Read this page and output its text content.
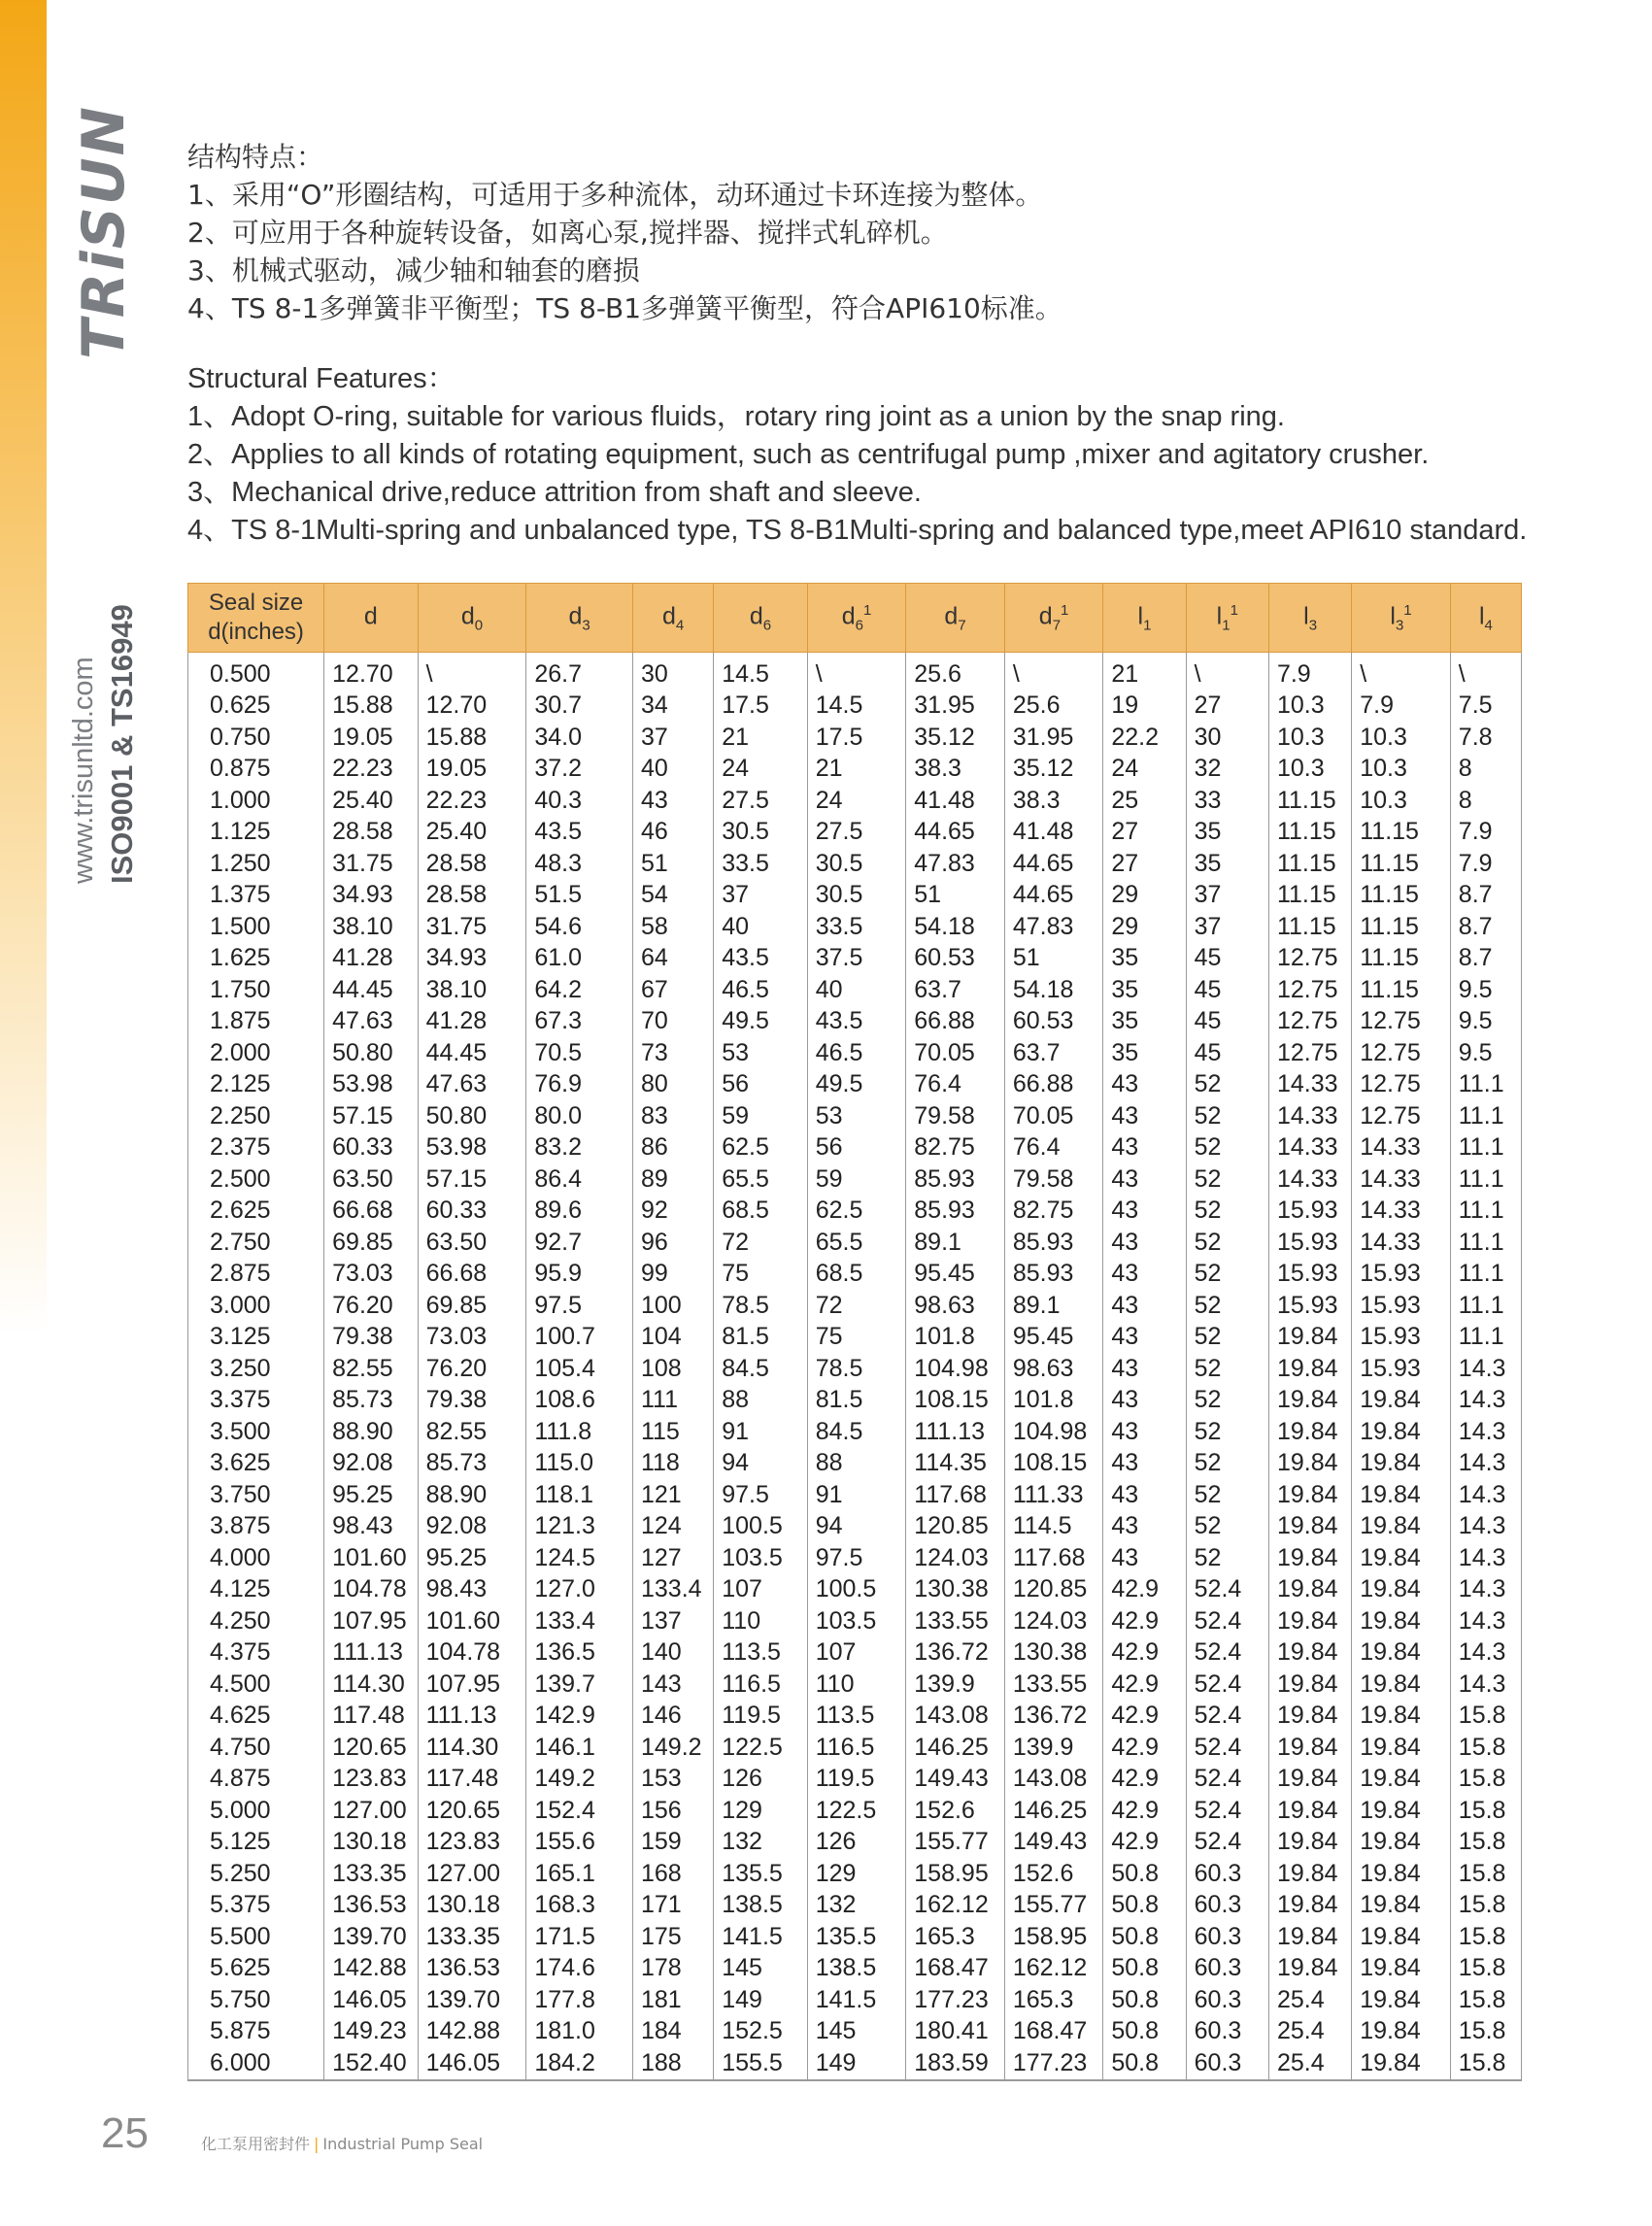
TRiSUN
www.trisunltd.com ISO9001 & TS16949
结构特点：
1、采用“O”形圈结构，可适用于多种流体，动环通过卡环连接为整体。
2、可应用于各种旋转设备，如离心泵,搅拌器、搅拌式轧碎机。
3、机械式驱动，减少轴和轴套的磨损
4、TS 8-1多弹簧非平衡型；TS 8-B1多弹簧平衡型，符合API610标准。
Structural Features：
1、Adopt O-ring, suitable for various fluids，rotary ring joint as a union by the snap ring.
2、Applies to all kinds of rotating equipment, such as centrifugal pump ,mixer and agitatory crusher.
3、Mechanical drive,reduce attrition from shaft and sleeve.
4、TS 8-1Multi-spring and unbalanced type, TS 8-B1Multi-spring and balanced type,meet API610 standard.
Seal size
d(inches)	d	$d_0$	$d_3$	$d_4$	$d_6$	$d_6^1$	$d_7$	$d_7^1$	$l_1$	$l_1^1$	$l_3$	$l_3^1$	$l_4$
0.500	12.70	\	26.7	30	14.5	\	25.6	\	21	\	7.9	\	\
0.625	15.88	12.70	30.7	34	17.5	14.5	31.95	25.6	19	27	10.3	7.9	7.5
0.750	19.05	15.88	34.0	37	21	17.5	35.12	31.95	22.2	30	10.3	10.3	7.8
0.875	22.23	19.05	37.2	40	24	21	38.3	35.12	24	32	10.3	10.3	8
1.000	25.40	22.23	40.3	43	27.5	24	41.48	38.3	25	33	11.15	10.3	8
1.125	28.58	25.40	43.5	46	30.5	27.5	44.65	41.48	27	35	11.15	11.15	7.9
1.250	31.75	28.58	48.3	51	33.5	30.5	47.83	44.65	27	35	11.15	11.15	7.9
1.375	34.93	28.58	51.5	54	37	30.5	51	44.65	29	37	11.15	11.15	8.7
1.500	38.10	31.75	54.6	58	40	33.5	54.18	47.83	29	37	11.15	11.15	8.7
1.625	41.28	34.93	61.0	64	43.5	37.5	60.53	51	35	45	12.75	11.15	8.7
1.750	44.45	38.10	64.2	67	46.5	40	63.7	54.18	35	45	12.75	11.15	9.5
1.875	47.63	41.28	67.3	70	49.5	43.5	66.88	60.53	35	45	12.75	12.75	9.5
2.000	50.80	44.45	70.5	73	53	46.5	70.05	63.7	35	45	12.75	12.75	9.5
2.125	53.98	47.63	76.9	80	56	49.5	76.4	66.88	43	52	14.33	12.75	11.1
2.250	57.15	50.80	80.0	83	59	53	79.58	70.05	43	52	14.33	12.75	11.1
2.375	60.33	53.98	83.2	86	62.5	56	82.75	76.4	43	52	14.33	14.33	11.1
2.500	63.50	57.15	86.4	89	65.5	59	85.93	79.58	43	52	14.33	14.33	11.1
2.625	66.68	60.33	89.6	92	68.5	62.5	85.93	82.75	43	52	15.93	14.33	11.1
2.750	69.85	63.50	92.7	96	72	65.5	89.1	85.93	43	52	15.93	14.33	11.1
2.875	73.03	66.68	95.9	99	75	68.5	95.45	85.93	43	52	15.93	15.93	11.1
3.000	76.20	69.85	97.5	100	78.5	72	98.63	89.1	43	52	15.93	15.93	11.1
3.125	79.38	73.03	100.7	104	81.5	75	101.8	95.45	43	52	19.84	15.93	11.1
3.250	82.55	76.20	105.4	108	84.5	78.5	104.98	98.63	43	52	19.84	15.93	14.3
3.375	85.73	79.38	108.6	111	88	81.5	108.15	101.8	43	52	19.84	19.84	14.3
3.500	88.90	82.55	111.8	115	91	84.5	111.13	104.98	43	52	19.84	19.84	14.3
3.625	92.08	85.73	115.0	118	94	88	114.35	108.15	43	52	19.84	19.84	14.3
3.750	95.25	88.90	118.1	121	97.5	91	117.68	111.33	43	52	19.84	19.84	14.3
3.875	98.43	92.08	121.3	124	100.5	94	120.85	114.5	43	52	19.84	19.84	14.3
4.000	101.60	95.25	124.5	127	103.5	97.5	124.03	117.68	43	52	19.84	19.84	14.3
4.125	104.78	98.43	127.0	133.4	107	100.5	130.38	120.85	42.9	52.4	19.84	19.84	14.3
4.250	107.95	101.60	133.4	137	110	103.5	133.55	124.03	42.9	52.4	19.84	19.84	14.3
4.375	111.13	104.78	136.5	140	113.5	107	136.72	130.38	42.9	52.4	19.84	19.84	14.3
4.500	114.30	107.95	139.7	143	116.5	110	139.9	133.55	42.9	52.4	19.84	19.84	14.3
4.625	117.48	111.13	142.9	146	119.5	113.5	143.08	136.72	42.9	52.4	19.84	19.84	15.8
4.750	120.65	114.30	146.1	149.2	122.5	116.5	146.25	139.9	42.9	52.4	19.84	19.84	15.8
4.875	123.83	117.48	149.2	153	126	119.5	149.43	143.08	42.9	52.4	19.84	19.84	15.8
5.000	127.00	120.65	152.4	156	129	122.5	152.6	146.25	42.9	52.4	19.84	19.84	15.8
5.125	130.18	123.83	155.6	159	132	126	155.77	149.43	42.9	52.4	19.84	19.84	15.8
5.250	133.35	127.00	165.1	168	135.5	129	158.95	152.6	50.8	60.3	19.84	19.84	15.8
5.375	136.53	130.18	168.3	171	138.5	132	162.12	155.77	50.8	60.3	19.84	19.84	15.8
5.500	139.70	133.35	171.5	175	141.5	135.5	165.3	158.95	50.8	60.3	19.84	19.84	15.8
5.625	142.88	136.53	174.6	178	145	138.5	168.47	162.12	50.8	60.3	19.84	19.84	15.8
5.750	146.05	139.70	177.8	181	149	141.5	177.23	165.3	50.8	60.3	25.4	19.84	15.8
5.875	149.23	142.88	181.0	184	152.5	145	180.41	168.47	50.8	60.3	25.4	19.84	15.8
6.000	152.40	146.05	184.2	188	155.5	149	183.59	177.23	50.8	60.3	25.4	19.84	15.8
25	化工泵用密封件 | Industrial Pump Seal
